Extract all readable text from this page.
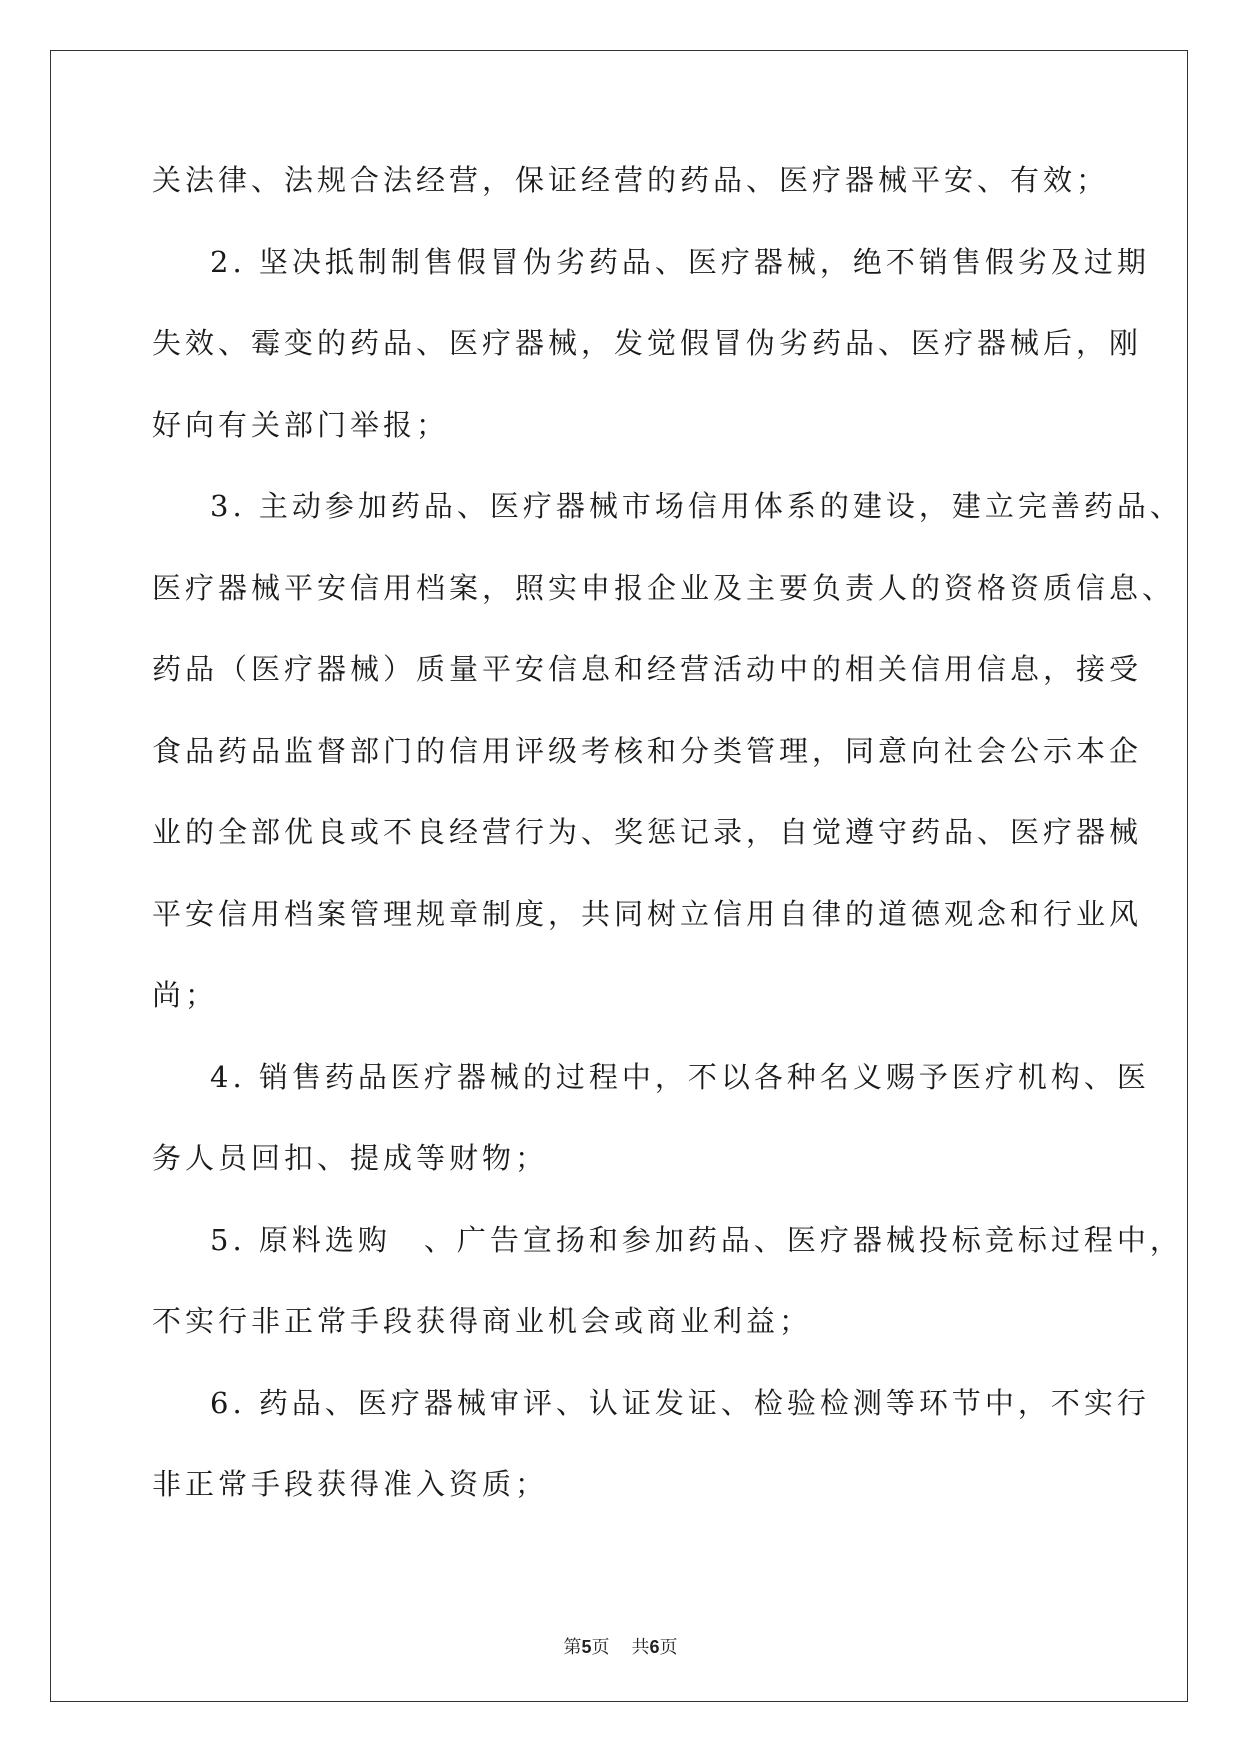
关法律、法规合法经营，保证经营的药品、医疗器械平安、有效；
2. 坚决抵制制售假冒伪劣药品、医疗器械，绝不销售假劣及过期
失效、霉变的药品、医疗器械，发觉假冒伪劣药品、医疗器械后，刚
好向有关部门举报；
3. 主动参加药品、医疗器械市场信用体系的建设，建立完善药品、
医疗器械平安信用档案，照实申报企业及主要负责人的资格资质信息、
药品（医疗器械）质量平安信息和经营活动中的相关信用信息，接受
食品药品监督部门的信用评级考核和分类管理，同意向社会公示本企
业的全部优良或不良经营行为、奖惩记录，自觉遵守药品、医疗器械
平安信用档案管理规章制度，共同树立信用自律的道德观念和行业风
尚；
4. 销售药品医疗器械的过程中，不以各种名义赐予医疗机构、医
务人员回扣、提成等财物；
5. 原料选购　、广告宣扬和参加药品、医疗器械投标竞标过程中，
不实行非正常手段获得商业机会或商业利益；
6. 药品、医疗器械审评、认证发证、检验检测等环节中，不实行
非正常手段获得准入资质；
第5页 共6页
